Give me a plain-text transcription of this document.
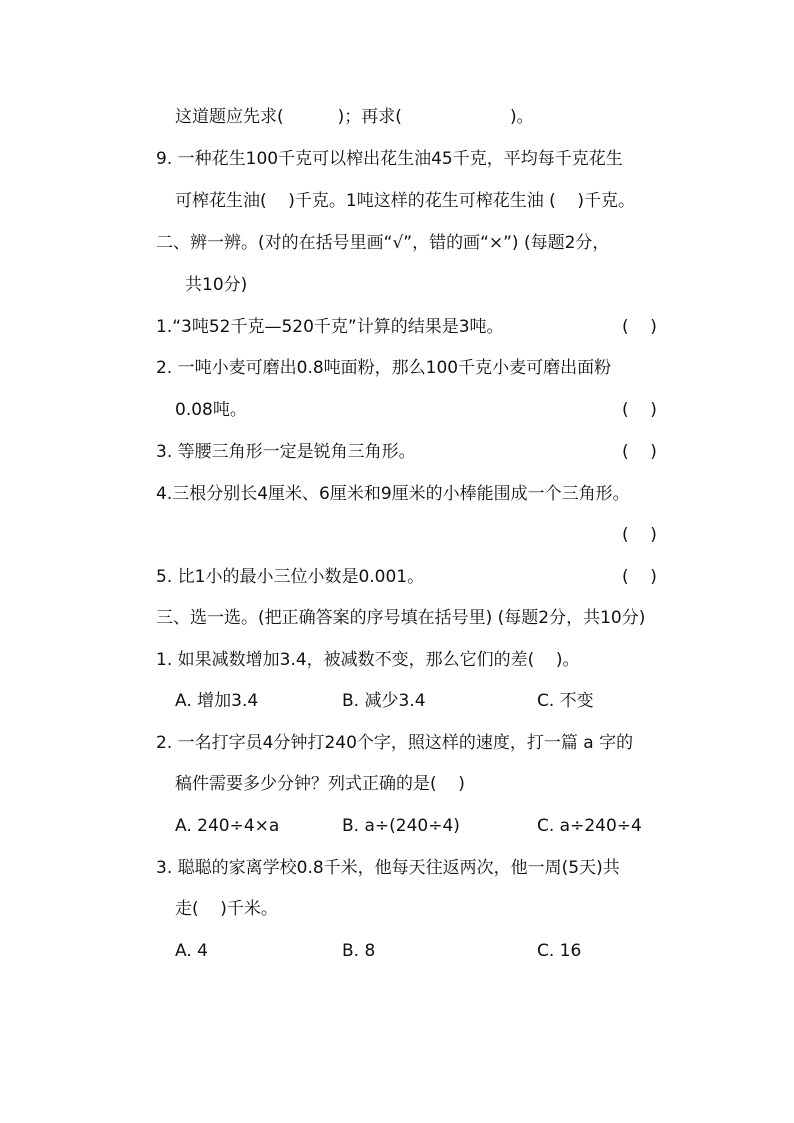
这道题应先求(          )；再求(                    )。
9. 一种花生100千克可以榨出花生油45千克，平均每千克花生
可榨花生油(    )千克。1吨这样的花生可榨花生油 (    )千克。
二、辨一辨。(对的在括号里画“√”，错的画“×”) (每题2分，
共10分)
1.“3吨52千克—520千克”计算的结果是3吨。	(    )
2. 一吨小麦可磨出0.8吨面粉，那么100千克小麦可磨出面粉
0.08吨。	(    )
3. 等腰三角形一定是锐角三角形。	(    )
4.三根分别长4厘米、6厘米和9厘米的小棒能围成一个三角形。
(    )
5. 比1小的最小三位小数是0.001。	(    )
三、选一选。(把正确答案的序号填在括号里) (每题2分，共10分)
1. 如果减数增加3.4，被减数不变，那么它们的差(    )。
A. 增加3.4	B. 减少3.4	C. 不变
2. 一名打字员4分钟打240个字，照这样的速度，打一篇 a 字的
稿件需要多少分钟？列式正确的是(    )
A. 240÷4×a	B. a÷(240÷4)	C. a÷240÷4
3. 聪聪的家离学校0.8千米，他每天往返两次，他一周(5天)共
走(    )千米。
A. 4	B. 8	C. 16
